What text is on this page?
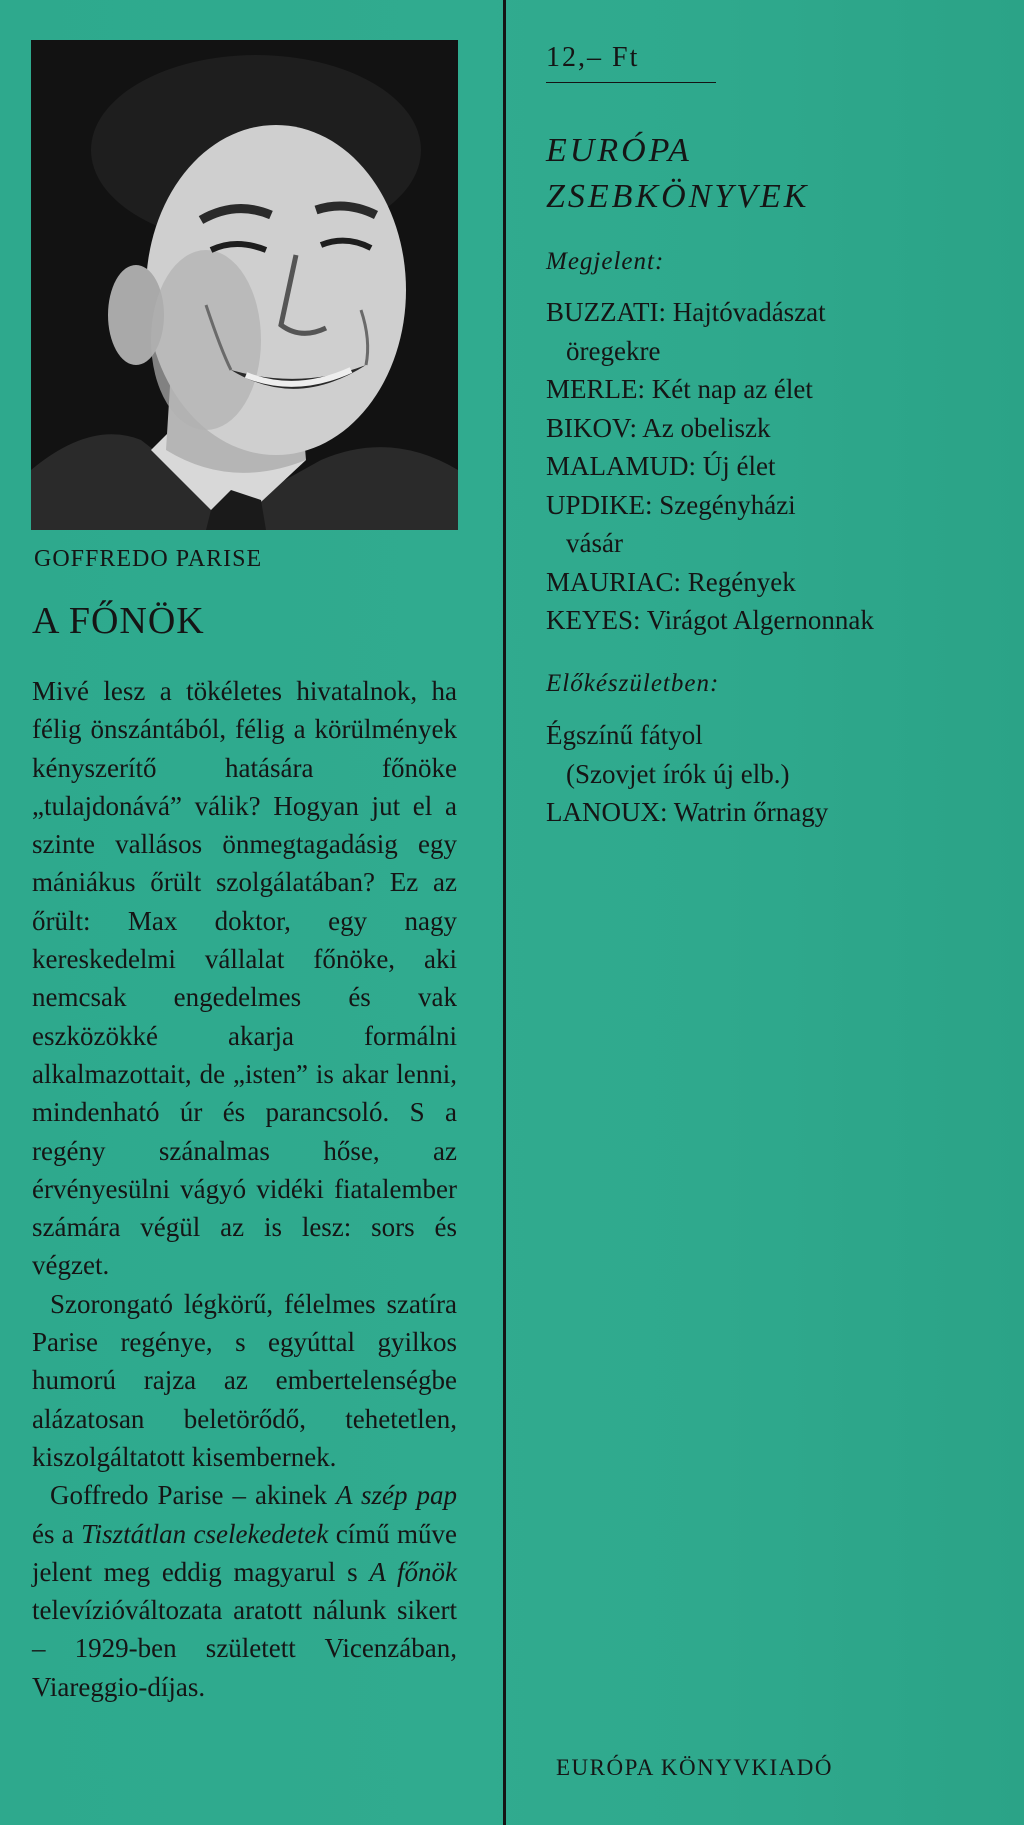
GOFFREDO PARISE
A FŐNÖK

Mivé lesz a tökéletes hivatalnok, ha félig önszántából, félig a körülmények kényszerítő hatására főnöke „tulajdonává” válik? Hogyan jut el a szinte vallásos önmegtagadásig egy mániákus őrült szolgálatában? Ez az őrült: Max doktor, egy nagy kereskedelmi vállalat főnöke, aki nemcsak engedelmes és vak eszközökké akarja formálni alkalmazottait, de „isten” is akar lenni, mindenható úr és parancsoló. S a regény szánalmas hőse, az érvényesülni vágyó vidéki fiatalember számára végül az is lesz: sors és végzet.

Szorongató légkörű, félelmes szatíra Parise regénye, s egyúttal gyilkos humorú rajza az embertelenségbe alázatosan beletörődő, tehetetlen, kiszolgáltatott kisembernek.

Goffredo Parise – akinek A szép pap és a Tisztátlan cselekedetek című műve jelent meg eddig magyarul s A főnök televízióváltozata aratott nálunk sikert – 1929-ben született Vicenzában, Viareggio-díjas.

12,– Ft
EURÓPA
ZSEBKÖNYVEK
Megjelent:
BUZZATI: Hajtóvadászat
öregekre
MERLE: Két nap az élet
BIKOV: Az obeliszk
MALAMUD: Új élet
UPDIKE: Szegényházi
vásár
MAURIAC: Regények
KEYES: Virágot Algernonnak
Előkészületben:
Égszínű fátyol
(Szovjet írók új elb.)
LANOUX: Watrin őrnagy
EURÓPA KÖNYVKIADÓ
